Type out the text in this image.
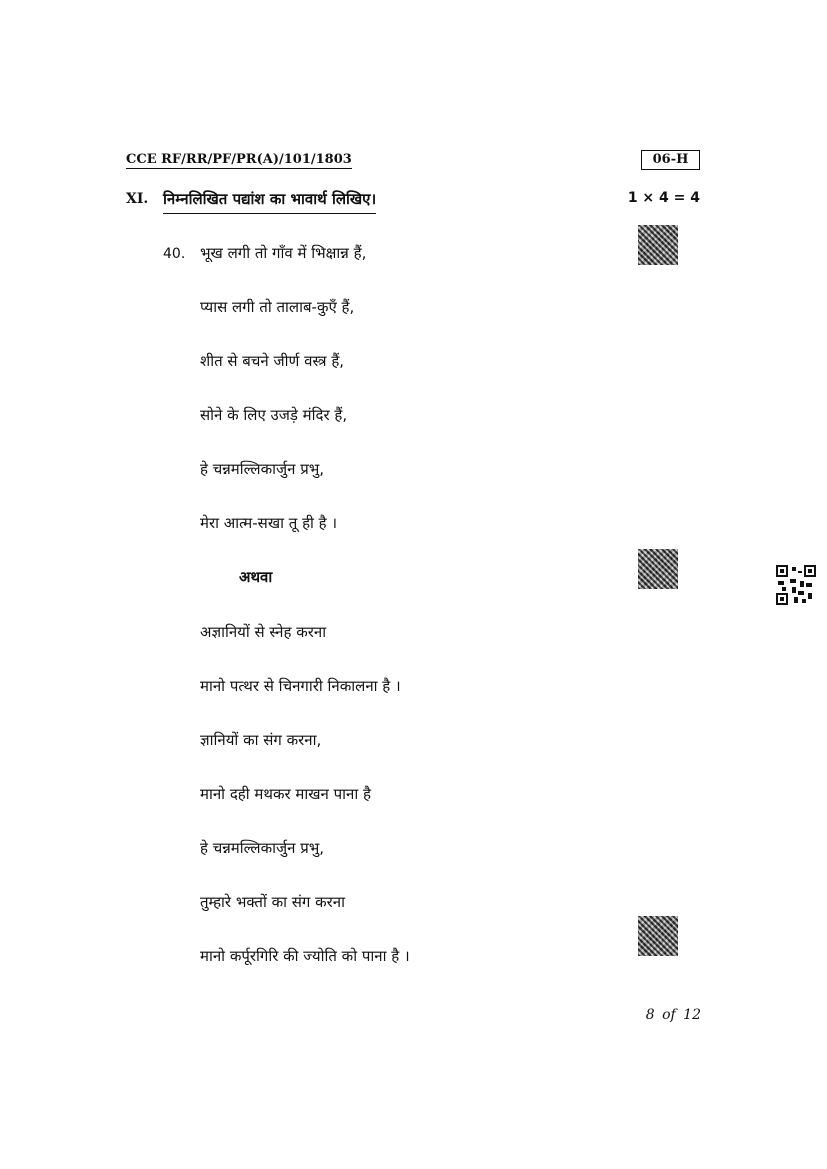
CCE RF/RR/PF/PR(A)/101/1803	06-H
XI. निम्नलिखित पद्यांश का भावार्थ लिखिए।	1 × 4 = 4
40. भूख लगी तो गाँव में भिक्षान्न हैं,
प्यास लगी तो तालाब-कुएँ हैं,
शीत से बचने जीर्ण वस्त्र हैं,
सोने के लिए उजड़े मंदिर हैं,
हे चन्नमल्लिकार्जुन प्रभु,
मेरा आत्म-सखा तू ही है ।
अथवा
अज्ञानियों से स्नेह करना
मानो पत्थर से चिनगारी निकालना है ।
ज्ञानियों का संग करना,
मानो दही मथकर माखन पाना है
हे चन्नमल्लिकार्जुन प्रभु,
तुम्हारे भक्तों का संग करना
मानो कर्पूरगिरि की ज्योति को पाना है ।
8 of 12
